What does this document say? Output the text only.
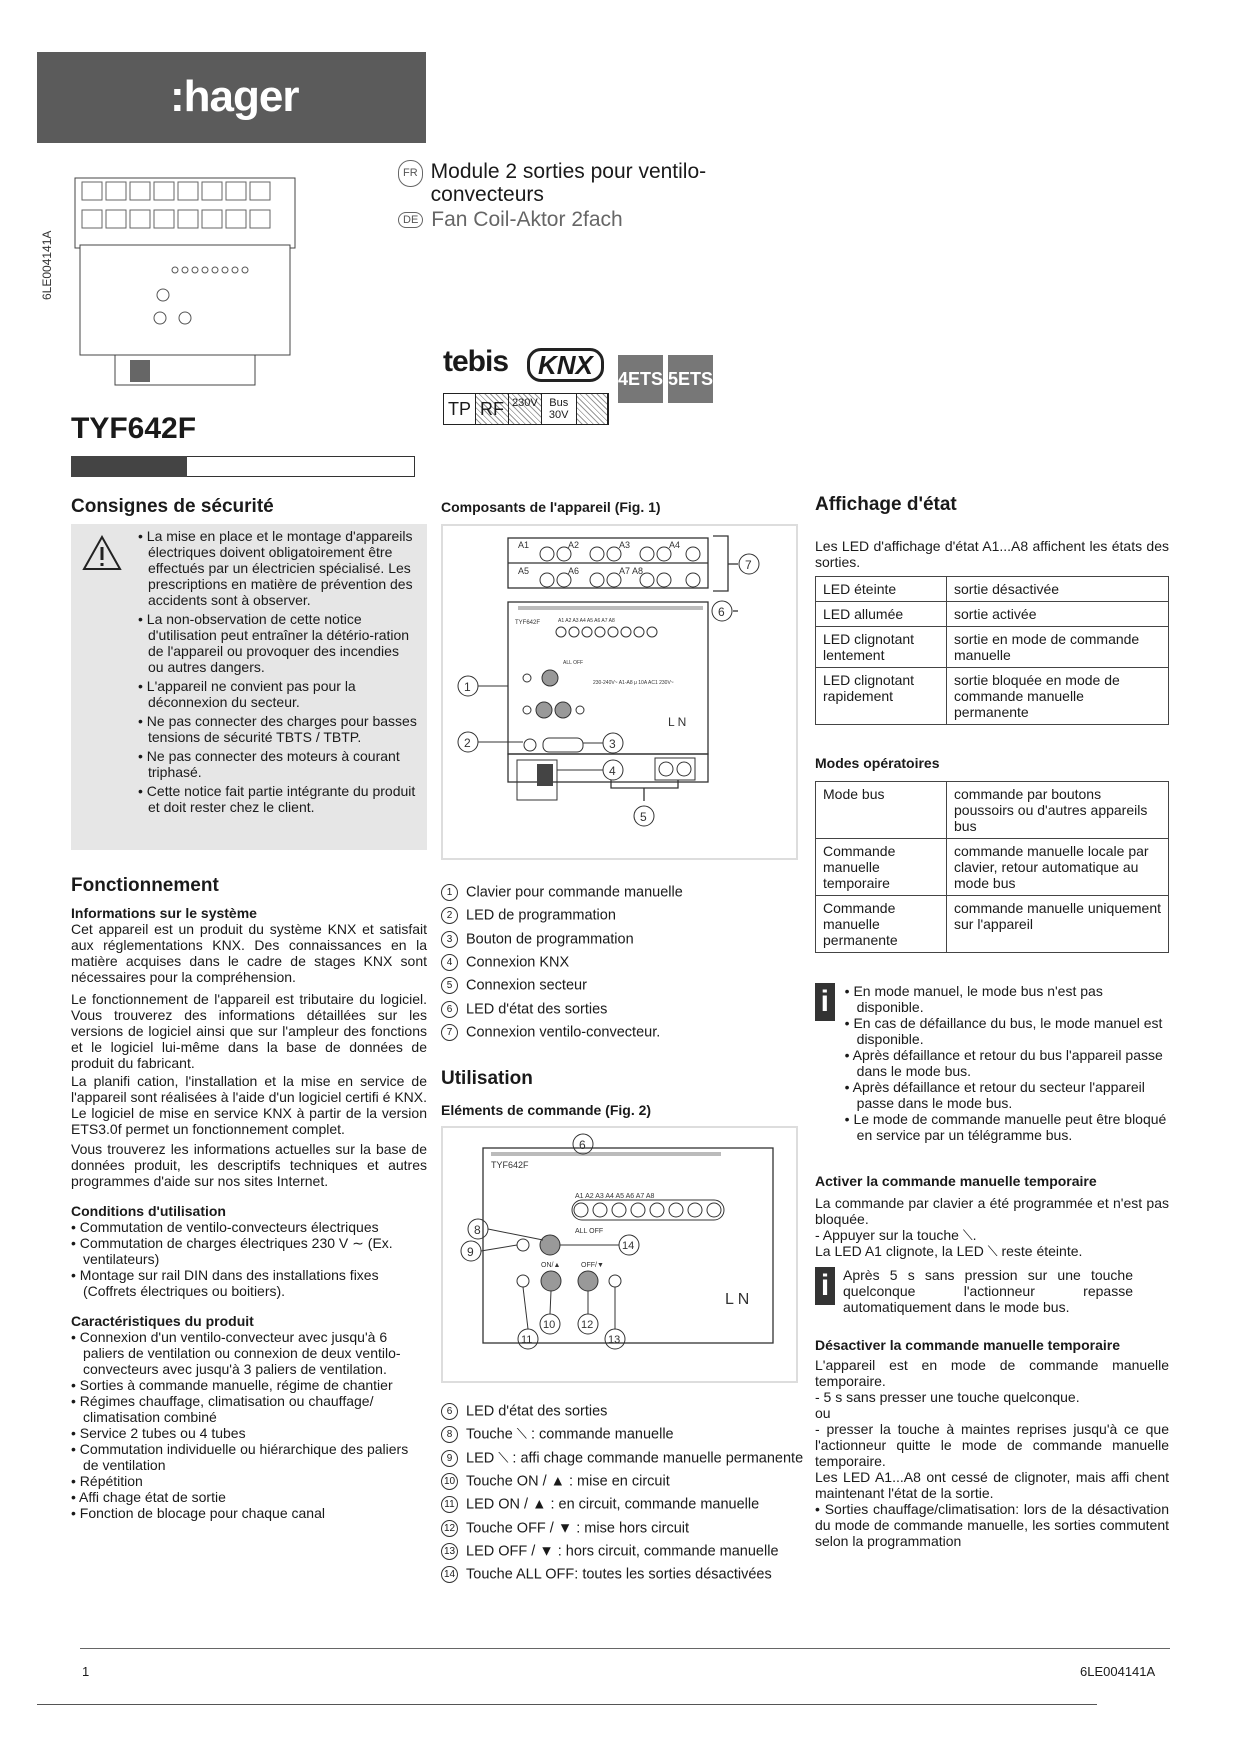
:hager
6LE004141A
FR Module 2 sorties pour ventilo-convecteurs
DE Fan Coil-Aktor 2fach
tebis	KNX
TP RF 230V	Bus 30V
4ETS 5ETS
TYF642F
Consignes de sécurité
• La mise en place et le montage d'appareils électriques doivent obligatoirement être effectués par un électricien spécialisé. Les prescriptions en matière de prévention des accidents sont à observer.
• La non-observation de cette notice d'utilisation peut entraîner la détério-ration de l'appareil ou provoquer des incendies ou autres dangers.
• L'appareil ne convient pas pour la déconnexion du secteur.
• Ne pas connecter des charges pour basses tensions de sécurité TBTS / TBTP.
• Ne pas connecter des moteurs à courant triphasé.
• Cette notice fait partie intégrante du produit et doit rester chez le client.
Fonctionnement
Informations sur le système

Cet appareil est un produit du système KNX et satisfait aux réglementations KNX. Des connaissances en la matière acquises dans le cadre de stages KNX sont nécessaires pour la compréhension.

Le fonctionnement de l'appareil est tributaire du logiciel. Vous trouverez des informations détaillées sur les versions de logiciel ainsi que sur l'ampleur des fonctions et le logiciel lui-même dans la base de données de produit du fabricant.

La planifi cation, l'installation et la mise en service de l'appareil sont réalisées à l'aide d'un logiciel certifi é KNX. Le logiciel de mise en service KNX à partir de la version ETS3.0f permet un fonctionnement complet.

Vous trouverez les informations actuelles sur la base de données produit, les descriptifs techniques et autres programmes d'aide sur nos sites Internet.

Conditions d'utilisation
• Commutation de ventilo-convecteurs électriques
• Commutation de charges électriques 230 V ∼ (Ex. ventilateurs)
• Montage sur rail DIN dans des installations fixes (Coffrets électriques ou boitiers).
Caractéristiques du produit
• Connexion d'un ventilo-convecteur avec jusqu'à 6 paliers de ventilation ou connexion de deux ventilo-convecteurs avec jusqu'à 3 paliers de ventilation.
• Sorties à commande manuelle, régime de chantier
• Régimes chauffage, climatisation ou chauffage/ climatisation combiné
• Service 2 tubes ou 4 tubes
• Commutation individuelle ou hiérarchique des paliers de ventilation
• Répétition
• Affi chage état de sortie
• Fonction de blocage pour chaque canal
Composants de l'appareil (Fig. 1)
A1	A2	A3	A4
A5	A6	A7 A8
TYF642F	A1 A2 A3 A4 A5 A6 A7 A8
ALL OFF
230-240V~ A1-A8 μ 10A AC1 230V~
L N
1
2	3
4
5
6
7
1 Clavier pour commande manuelle
2 LED de programmation
3 Bouton de programmation
4 Connexion KNX
5 Connexion secteur
6 LED d'état des sorties
7 Connexion ventilo-convecteur.
Utilisation
Eléments de commande (Fig. 2)
TYF642F
A1 A2 A3 A4 A5 A6 A7 A8
ALL OFF
ON/▲	OFF/▼
L N
6
8
9
10
11
12
13
14
6 LED d'état des sorties
8 Touche ⟍ : commande manuelle
9 LED ⟍ : affi chage commande manuelle permanente
10 Touche ON / ▲ : mise en circuit
11 LED ON / ▲ : en circuit, commande manuelle
12 Touche OFF / ▼ : mise hors circuit
13 LED OFF / ▼ : hors circuit, commande manuelle
14 Touche ALL OFF: toutes les sorties désactivées
Affichage d'état

Les LED d'affichage d'état A1...A8 affichent les états des sorties.

LED éteinte	sortie désactivée
LED allumée	sortie activée
LED clignotant lentement	sortie en mode de commande manuelle
LED clignotant rapidement	sortie bloquée en mode de commande manuelle permanente
Modes opératoires
Mode bus	commande par boutons poussoirs ou d'autres appareils bus
Commande manuelle temporaire	commande manuelle locale par clavier, retour automatique au mode bus
Commande manuelle permanente	commande manuelle uniquement sur l'appareil
i	• En mode manuel, le mode bus n'est pas disponible.
• En cas de défaillance du bus, le mode manuel est disponible.
• Après défaillance et retour du bus l'appareil passe dans le mode bus.
• Après défaillance et retour du secteur l'appareil passe dans le mode bus.
• Le mode de commande manuelle peut être bloqué en service par un télégramme bus.
Activer la commande manuelle temporaire

La commande par clavier a été programmée et n'est pas bloquée.

- Appuyer sur la touche ⟍.

La LED A1 clignote, la LED ⟍ reste éteinte.

i Après 5 s sans pression sur une touche quelconque l'actionneur repasse automatiquement dans le mode bus.

Désactiver la commande manuelle temporaire

L'appareil est en mode de commande manuelle temporaire.

- 5 s sans presser une touche quelconque.

ou

- presser la touche à maintes reprises jusqu'à ce que l'actionneur quitte le mode de commande manuelle temporaire.

Les LED A1...A8 ont cessé de clignoter, mais affi chent maintenant l'état de la sortie.

• Sorties chauffage/climatisation: lors de la désactivation du mode de commande manuelle, les sorties commutent selon la programmation

1	6LE004141A
